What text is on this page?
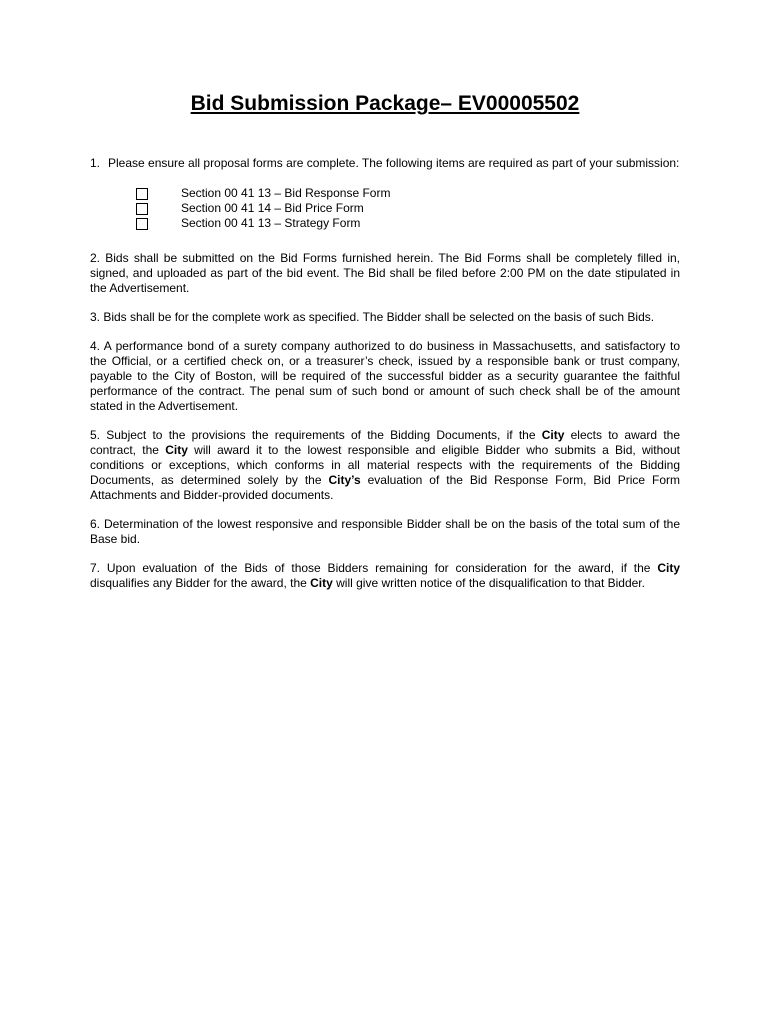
Bid Submission Package– EV00005502
1. Please ensure all proposal forms are complete. The following items are required as part of your submission:
Section 00 41 13 – Bid Response Form
Section 00 41 14 – Bid Price Form
Section 00 41 13 – Strategy Form

2. Bids shall be submitted on the Bid Forms furnished herein. The Bid Forms shall be completely filled in, signed, and uploaded as part of the bid event. The Bid shall be filed before 2:00 PM on the date stipulated in the Advertisement.

3. Bids shall be for the complete work as specified. The Bidder shall be selected on the basis of such Bids.

4. A performance bond of a surety company authorized to do business in Massachusetts, and satisfactory to the Official, or a certified check on, or a treasurer’s check, issued by a responsible bank or trust company, payable to the City of Boston, will be required of the successful bidder as a security guarantee the faithful performance of the contract. The penal sum of such bond or amount of such check shall be of the amount stated in the Advertisement.

5. Subject to the provisions the requirements of the Bidding Documents, if the City elects to award the contract, the City will award it to the lowest responsible and eligible Bidder who submits a Bid, without conditions or exceptions, which conforms in all material respects with the requirements of the Bidding Documents, as determined solely by the City’s evaluation of the Bid Response Form, Bid Price Form Attachments and Bidder-provided documents.

6. Determination of the lowest responsive and responsible Bidder shall be on the basis of the total sum of the Base bid.

7. Upon evaluation of the Bids of those Bidders remaining for consideration for the award, if the City disqualifies any Bidder for the award, the City will give written notice of the disqualification to that Bidder.
